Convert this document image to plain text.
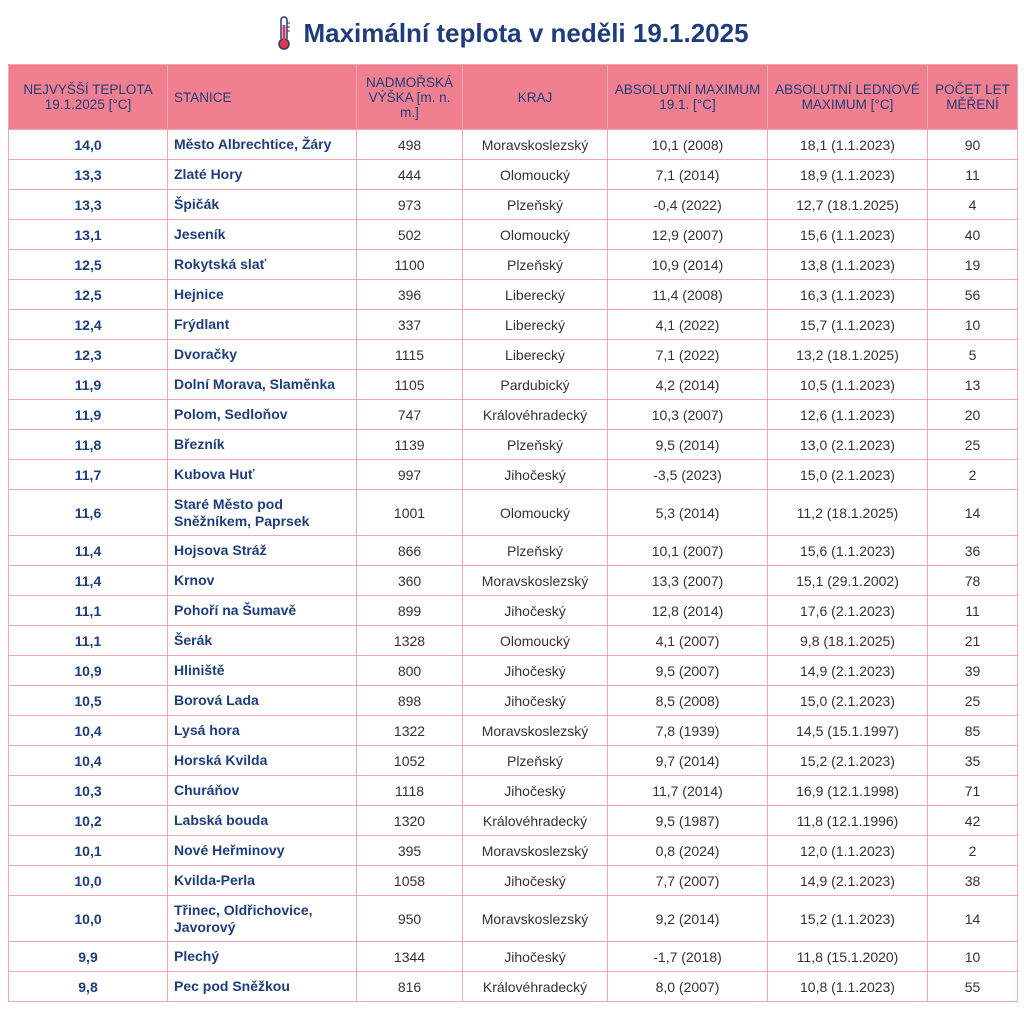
Maximální teplota v neděli 19.1.2025
NEJVYŠŠÍ TEPLOTA 19.1.2025 [°C]	STANICE	NADMOŘSKÁ VÝŠKA [m. n. m.]	KRAJ	ABSOLUTNÍ MAXIMUM 19.1. [°C]	ABSOLUTNÍ LEDNOVÉ MAXIMUM [°C]	POČET LET MĚŘENÍ
14,0	Město Albrechtice, Žáry	498	Moravskoslezský	10,1 (2008)	18,1 (1.1.2023)	90
13,3	Zlaté Hory	444	Olomoucký	7,1 (2014)	18,9 (1.1.2023)	11
13,3	Špičák	973	Plzeňský	-0,4 (2022)	12,7 (18.1.2025)	4
13,1	Jeseník	502	Olomoucký	12,9 (2007)	15,6 (1.1.2023)	40
12,5	Rokytská slať	1100	Plzeňský	10,9 (2014)	13,8 (1.1.2023)	19
12,5	Hejnice	396	Liberecký	11,4 (2008)	16,3 (1.1.2023)	56
12,4	Frýdlant	337	Liberecký	4,1 (2022)	15,7 (1.1.2023)	10
12,3	Dvoračky	1115	Liberecký	7,1 (2022)	13,2 (18.1.2025)	5
11,9	Dolní Morava, Slaměnka	1105	Pardubický	4,2 (2014)	10,5 (1.1.2023)	13
11,9	Polom, Sedloňov	747	Královéhradecký	10,3 (2007)	12,6 (1.1.2023)	20
11,8	Březník	1139	Plzeňský	9,5 (2014)	13,0 (2.1.2023)	25
11,7	Kubova Huť	997	Jihočeský	-3,5 (2023)	15,0 (2.1.2023)	2
11,6	Staré Město pod Sněžníkem, Paprsek	1001	Olomoucký	5,3 (2014)	11,2 (18.1.2025)	14
11,4	Hojsova Stráž	866	Plzeňský	10,1 (2007)	15,6 (1.1.2023)	36
11,4	Krnov	360	Moravskoslezský	13,3 (2007)	15,1 (29.1.2002)	78
11,1	Pohoří na Šumavě	899	Jihočeský	12,8 (2014)	17,6 (2.1.2023)	11
11,1	Šerák	1328	Olomoucký	4,1 (2007)	9,8 (18.1.2025)	21
10,9	Hliniště	800	Jihočeský	9,5 (2007)	14,9 (2.1.2023)	39
10,5	Borová Lada	898	Jihočeský	8,5 (2008)	15,0 (2.1.2023)	25
10,4	Lysá hora	1322	Moravskoslezský	7,8 (1939)	14,5 (15.1.1997)	85
10,4	Horská Kvilda	1052	Plzeňský	9,7 (2014)	15,2 (2.1.2023)	35
10,3	Churáňov	1118	Jihočeský	11,7 (2014)	16,9 (12.1.1998)	71
10,2	Labská bouda	1320	Královéhradecký	9,5 (1987)	11,8 (12.1.1996)	42
10,1	Nové Heřminovy	395	Moravskoslezský	0,8 (2024)	12,0 (1.1.2023)	2
10,0	Kvilda-Perla	1058	Jihočeský	7,7 (2007)	14,9 (2.1.2023)	38
10,0	Třinec, Oldřichovice, Javorový	950	Moravskoslezský	9,2 (2014)	15,2 (1.1.2023)	14
9,9	Plechý	1344	Jihočeský	-1,7 (2018)	11,8 (15.1.2020)	10
9,8	Pec pod Sněžkou	816	Královéhradecký	8,0 (2007)	10,8 (1.1.2023)	55
